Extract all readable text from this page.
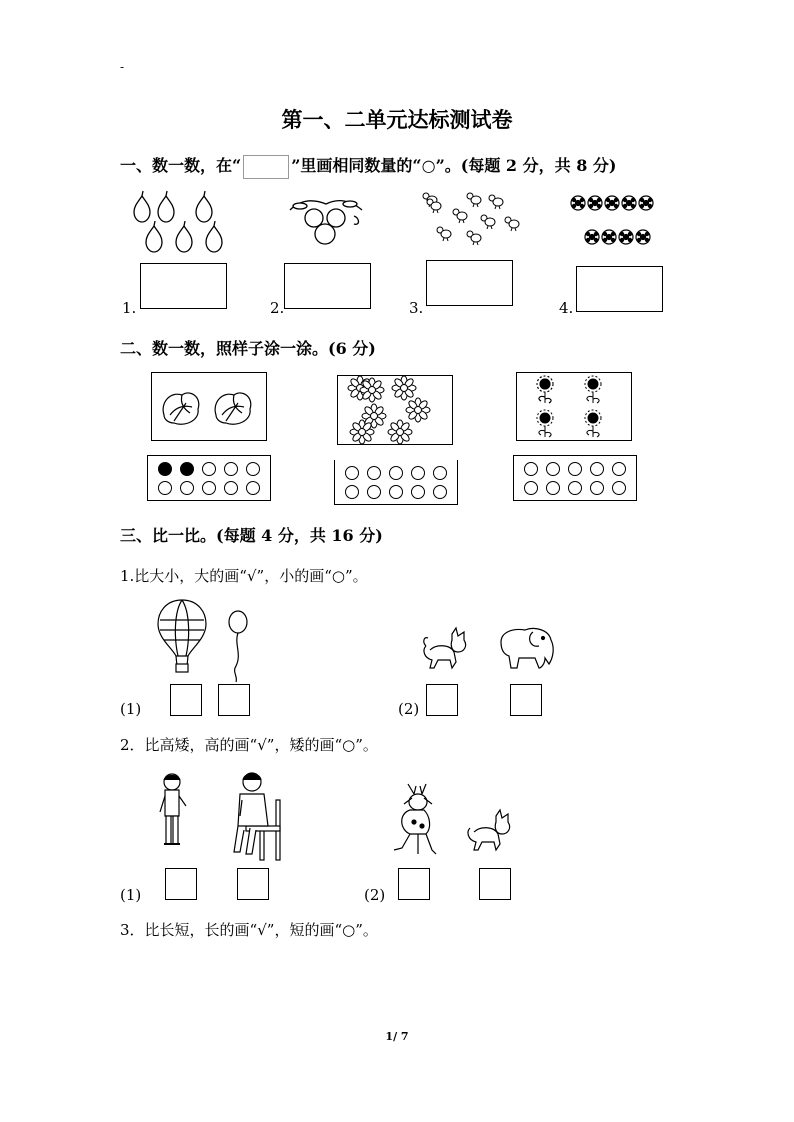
-
第一、二单元达标测试卷
一、数一数，在“	”里画相同数量的“○”。(每题 2 分，共 8 分)
1.	2.	3.	4.
二、数一数，照样子涂一涂。(6 分)
三、比一比。(每题 4 分，共 16 分)
1.比大小，大的画“√”，小的画“○”。
(1)	(2)
2．比高矮，高的画“√”，矮的画“○”。
(1)	(2)
3．比长短，长的画“√”，短的画“○”。
1/ 7
